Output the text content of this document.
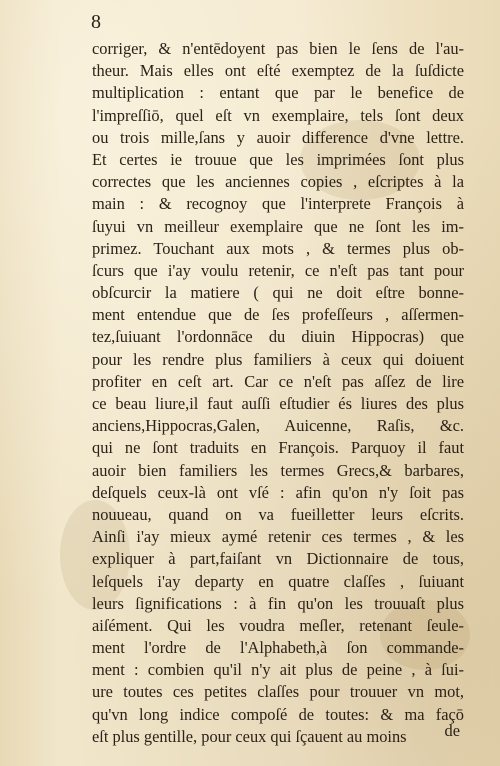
8
corriger, & n'entēdoyent pas bien le ſens de l'au-
theur. Mais elles ont eſté exemptez de la ſuſdicte
multiplication : entant que par le benefice de
l'impreſſiō, quel eſt vn exemplaire, tels ſont deux
ou trois mille,ſans y auoir difference d'vne lettre.
Et certes ie trouue que les imprimées ſont plus
correctes que les anciennes copies , eſcriptes à la
main : & recognoy que l'interprete François à
ſuyui vn meilleur exemplaire que ne ſont les im-
primez. Touchant aux mots , & termes plus ob-
ſcurs que i'ay voulu retenir, ce n'eſt pas tant pour
obſcurcir la matiere ( qui ne doit eſtre bonne-
ment entendue que de ſes profeſſeurs , aſſermen-
tez,ſuiuant l'ordonnāce du diuin Hippocras) que
pour les rendre plus familiers à ceux qui doiuent
profiter en ceſt art. Car ce n'eſt pas aſſez de lire
ce beau liure,il faut auſſi eſtudier és liures des plus
anciens,Hippocras,Galen, Auicenne, Raſis, &c.
qui ne ſont traduits en François. Parquoy il faut
auoir bien familiers les termes Grecs,& barbares,
deſquels ceux-là ont vſé : afin qu'on n'y ſoit pas
nouueau, quand on va fueilletter leurs eſcrits.
Ainſi i'ay mieux aymé retenir ces termes , & les
expliquer à part,faiſant vn Dictionnaire de tous,
leſquels i'ay departy en quatre claſſes , ſuiuant
leurs ſignifications : à fin qu'on les trouuaſt plus
aiſément. Qui les voudra meſler, retenant ſeule-
ment l'ordre de l'Alphabeth,à ſon commande-
ment : combien qu'il n'y ait plus de peine , à ſui-
ure toutes ces petites claſſes pour trouuer vn mot,
qu'vn long indice compoſé de toutes: & ma façō
eſt plus gentille, pour ceux qui ſçauent au moins	de
